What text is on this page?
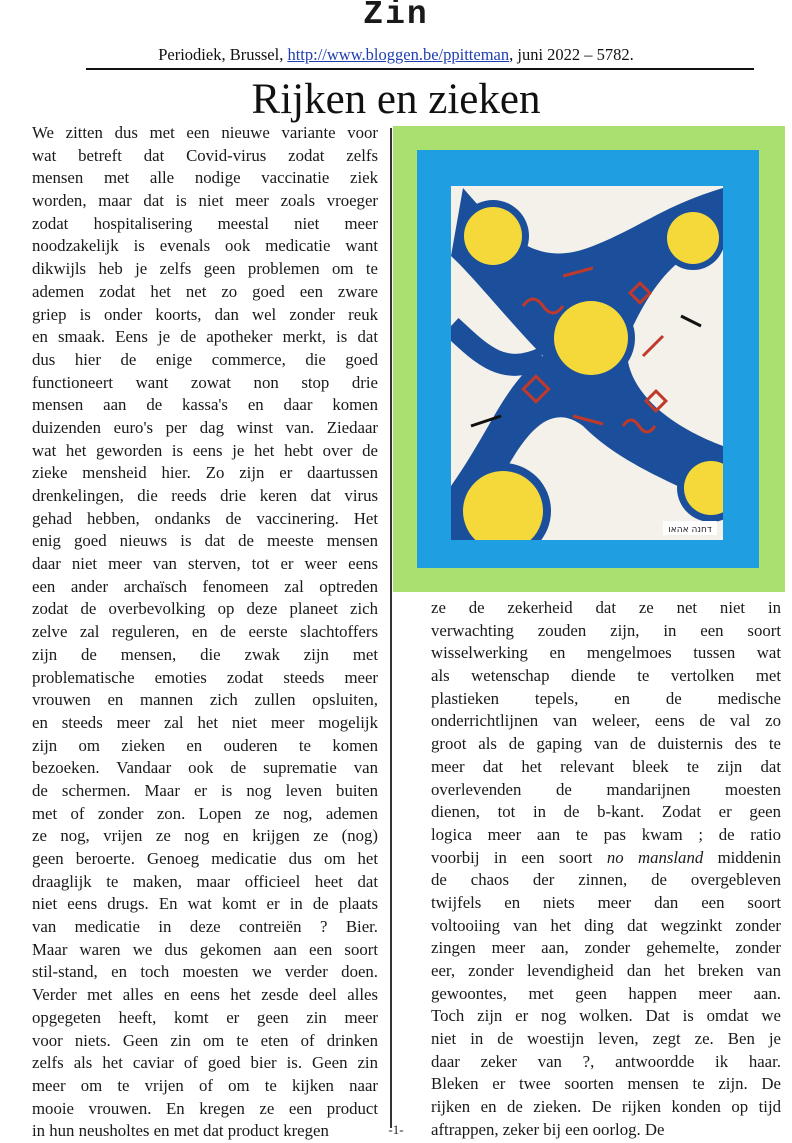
Zin
Periodiek, Brussel, http://www.bloggen.be/ppitteman, juni 2022 – 5782.
Rijken en zieken
We zitten dus met een nieuwe variante voor
wat betreft dat Covid-virus zodat zelfs
mensen met alle nodige vaccinatie ziek
worden, maar dat is niet meer zoals vroeger
zodat hospitalisering meestal niet meer
noodzakelijk is evenals ook medicatie want
dikwijls heb je zelfs geen problemen om te
ademen zodat het net zo goed een zware
griep is onder koorts, dan wel zonder reuk
en smaak. Eens je de apotheker merkt, is dat
dus hier de enige commerce, die goed
functioneert want zowat non stop drie
mensen aan de kassa's en daar komen
duizenden euro's per dag winst van. Ziedaar
wat het geworden is eens je het hebt over de
zieke mensheid hier. Zo zijn er daartussen
drenkelingen, die reeds drie keren dat virus
gehad hebben, ondanks de vaccinering. Het
enig goed nieuws is dat de meeste mensen
daar niet meer van sterven, tot er weer eens
een ander archaïsch fenomeen zal optreden
zodat de overbevolking op deze planeet zich
zelve zal reguleren, en de eerste slachtoffers
zijn de mensen, die zwak zijn met
problematische emoties zodat steeds meer
vrouwen en mannen zich zullen opsluiten,
en steeds meer zal het niet meer mogelijk
zijn om zieken en ouderen te komen
bezoeken. Vandaar ook de suprematie van
de schermen. Maar er is nog leven buiten
met of zonder zon. Lopen ze nog, ademen
ze nog, vrijen ze nog en krijgen ze (nog)
geen beroerte. Genoeg medicatie dus om het
draaglijk te maken, maar officieel heet dat
niet eens drugs. En wat komt er in de plaats
van medicatie in deze contreiën ? Bier.
Maar waren we dus gekomen aan een soort
stil-stand, en toch moesten we verder doen.
Verder met alles en eens het zesde deel alles
opgegeten heeft, komt er geen zin meer
voor niets. Geen zin om te eten of drinken
zelfs als het caviar of goed bier is. Geen zin
meer om te vrijen of om te kijken naar
mooie vrouwen. En kregen ze een product
in hun neusholtes en met dat product kregen
דחנה אהאו
ze de zekerheid dat ze net niet in
verwachting zouden zijn, in een soort
wisselwerking en mengelmoes tussen wat
als wetenschap diende te vertolken met
plastieken tepels, en de medische
onderrichtlijnen van weleer, eens de val zo
groot als de gaping van de duisternis des te
meer dat het relevant bleek te zijn dat
overlevenden de mandarijnen moesten
dienen, tot in de b-kant. Zodat er geen
logica meer aan te pas kwam ; de ratio
voorbij in een soort no mansland middenin
de chaos der zinnen, de overgebleven
twijfels en niets meer dan een soort
voltooiing van het ding dat wegzinkt zonder
zingen meer aan, zonder gehemelte, zonder
eer, zonder levendigheid dan het breken van
gewoontes, met geen happen meer aan.
Toch zijn er nog wolken. Dat is omdat we
niet in de woestijn leven, zegt ze. Ben je
daar zeker van ?, antwoordde ik haar.
Bleken er twee soorten mensen te zijn. De
rijken en de zieken. De rijken konden op tijd
aftrappen, zeker bij een oorlog. De
-1-
